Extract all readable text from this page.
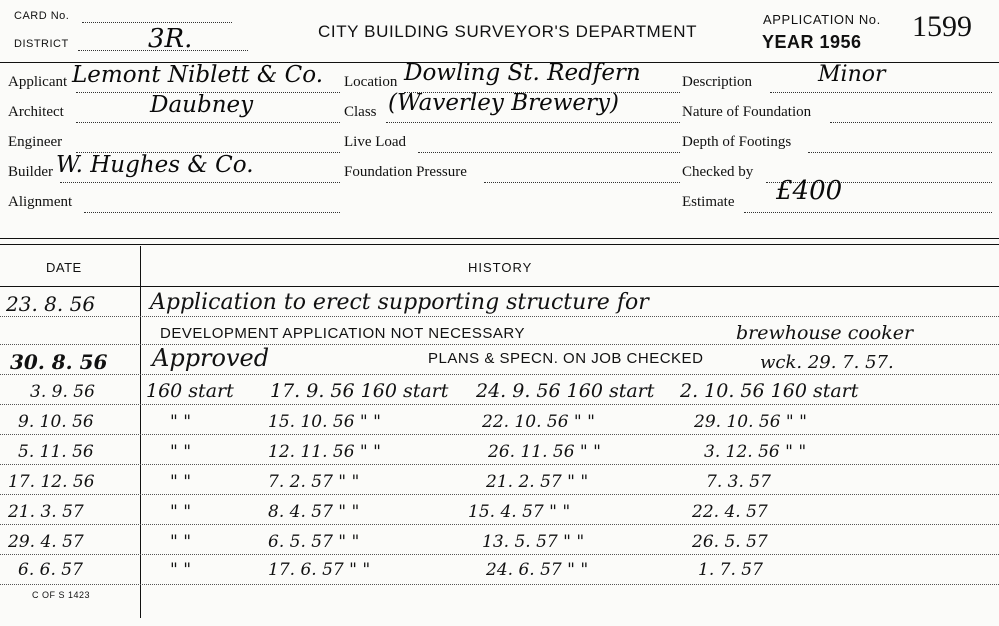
CARD No.
DISTRICT	3R.	CITY BUILDING SURVEYOR'S DEPARTMENT
APPLICATION No.
YEAR 1956 1599
Applicant Lemont Niblett & Co.
Architect	Daubney
Engineer
Builder W. Hughes & Co.
Alignment
Location Dowling St. Redfern
Class (Waverley Brewery)
Live Load
Foundation Pressure
Description	Minor
Nature of Foundation
Depth of Footings
Checked by
Estimate £400
DATE	HISTORY
23. 8. 56 Application to erect supporting structure for
DEVELOPMENT APPLICATION NOT NECESSARY	brewhouse cooker
30. 8. 56 Approved	PLANS & SPECN. ON JOB CHECKED	wck. 29. 7. 57.
3. 9. 56	160 start 17. 9. 56 160 start 24. 9. 56 160 start 2. 10. 56 160 start
9. 10. 56	" "	15. 10. 56 " "	22. 10. 56 " "	29. 10. 56 " "
5. 11. 56	" "	12. 11. 56 " "	26. 11. 56 " "	3. 12. 56 " "
17. 12. 56	" "	7. 2. 57 " "	21. 2. 57 " "	7. 3. 57
21. 3. 57	" "	8. 4. 57 " "	15. 4. 57 " "	22. 4. 57
29. 4. 57	" "	6. 5. 57 " "	13. 5. 57 " "	26. 5. 57
6. 6. 57	" "	17. 6. 57 " "	24. 6. 57 " "	1. 7. 57
C OF S 1423
